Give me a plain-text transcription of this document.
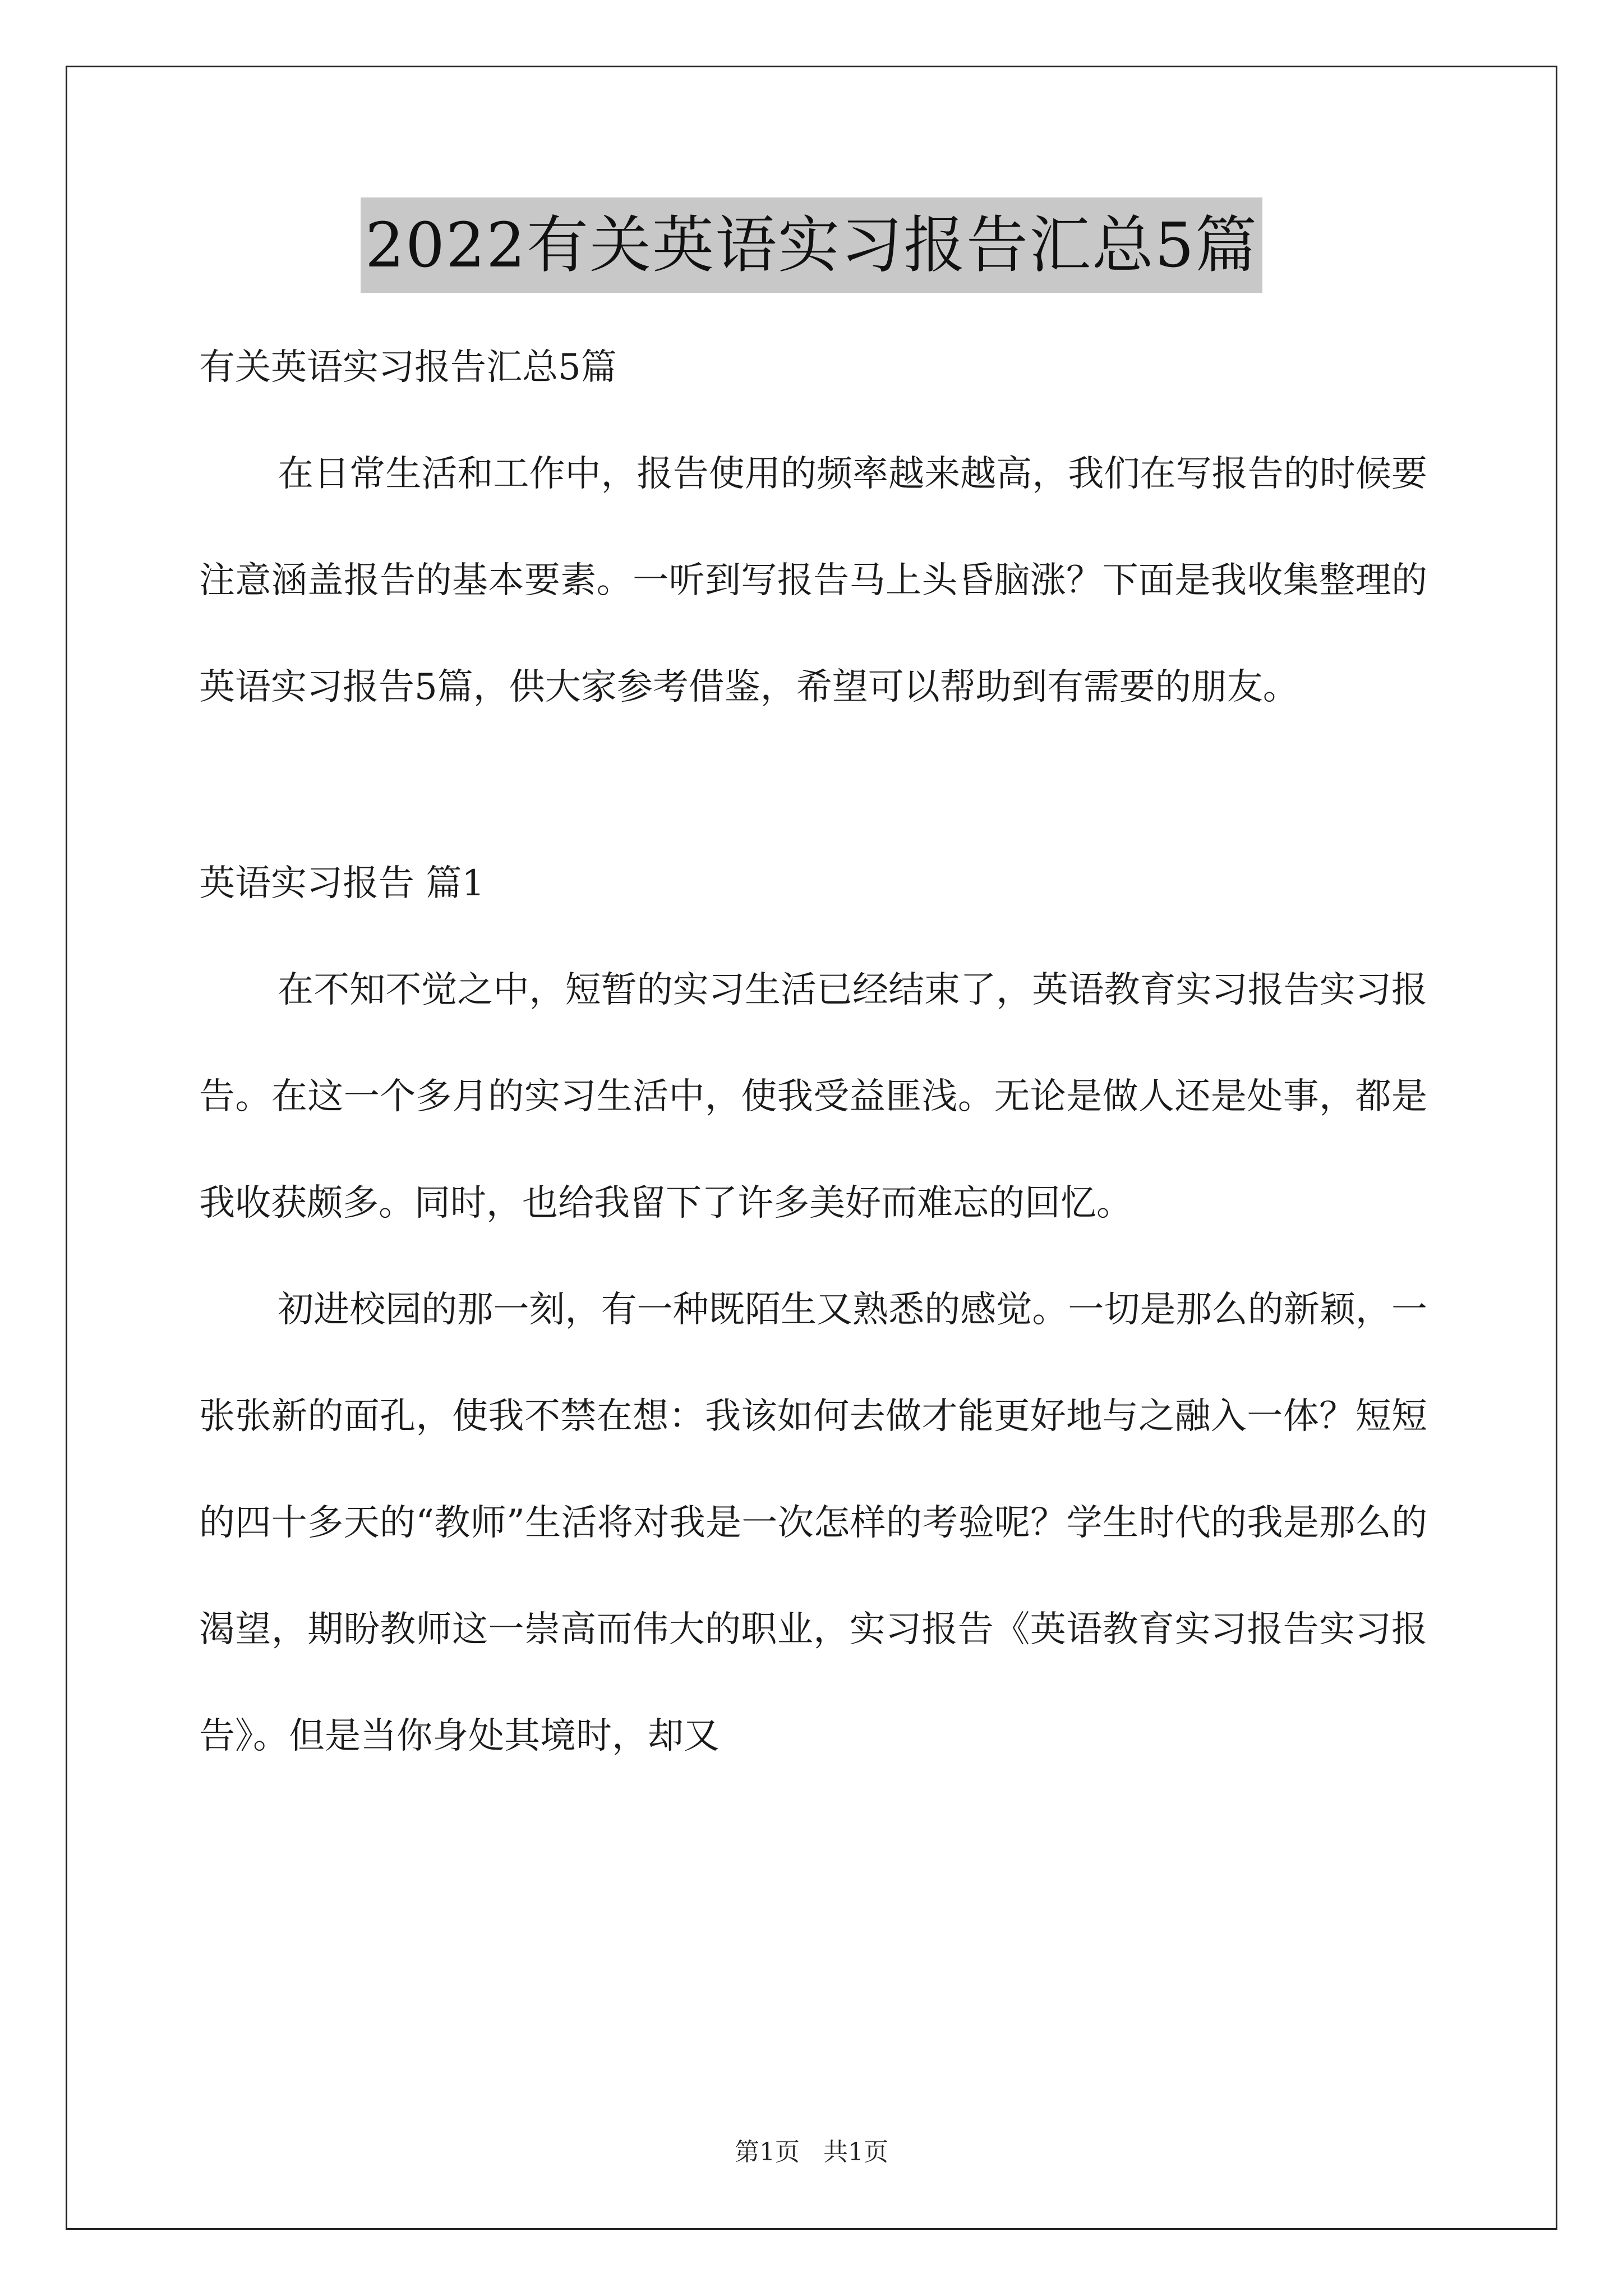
2022有关英语实习报告汇总5篇

有关英语实习报告汇总5篇

在日常生活和工作中，报告使用的频率越来越高，我们在写报告的时候要注意涵盖报告的基本要素。一听到写报告马上头昏脑涨？下面是我收集整理的英语实习报告5篇，供大家参考借鉴，希望可以帮助到有需要的朋友。

英语实习报告 篇1

在不知不觉之中，短暂的实习生活已经结束了，英语教育实习报告实习报告。在这一个多月的实习生活中，使我受益匪浅。无论是做人还是处事，都是我收获颇多。同时，也给我留下了许多美好而难忘的回忆。

初进校园的那一刻，有一种既陌生又熟悉的感觉。一切是那么的新颖，一张张新的面孔，使我不禁在想：我该如何去做才能更好地与之融入一体？短短的四十多天的“教师”生活将对我是一次怎样的考验呢？学生时代的我是那么的渴望，期盼教师这一崇高而伟大的职业，实习报告《英语教育实习报告实习报告》。但是当你身处其境时，却又

第1页 共1页
